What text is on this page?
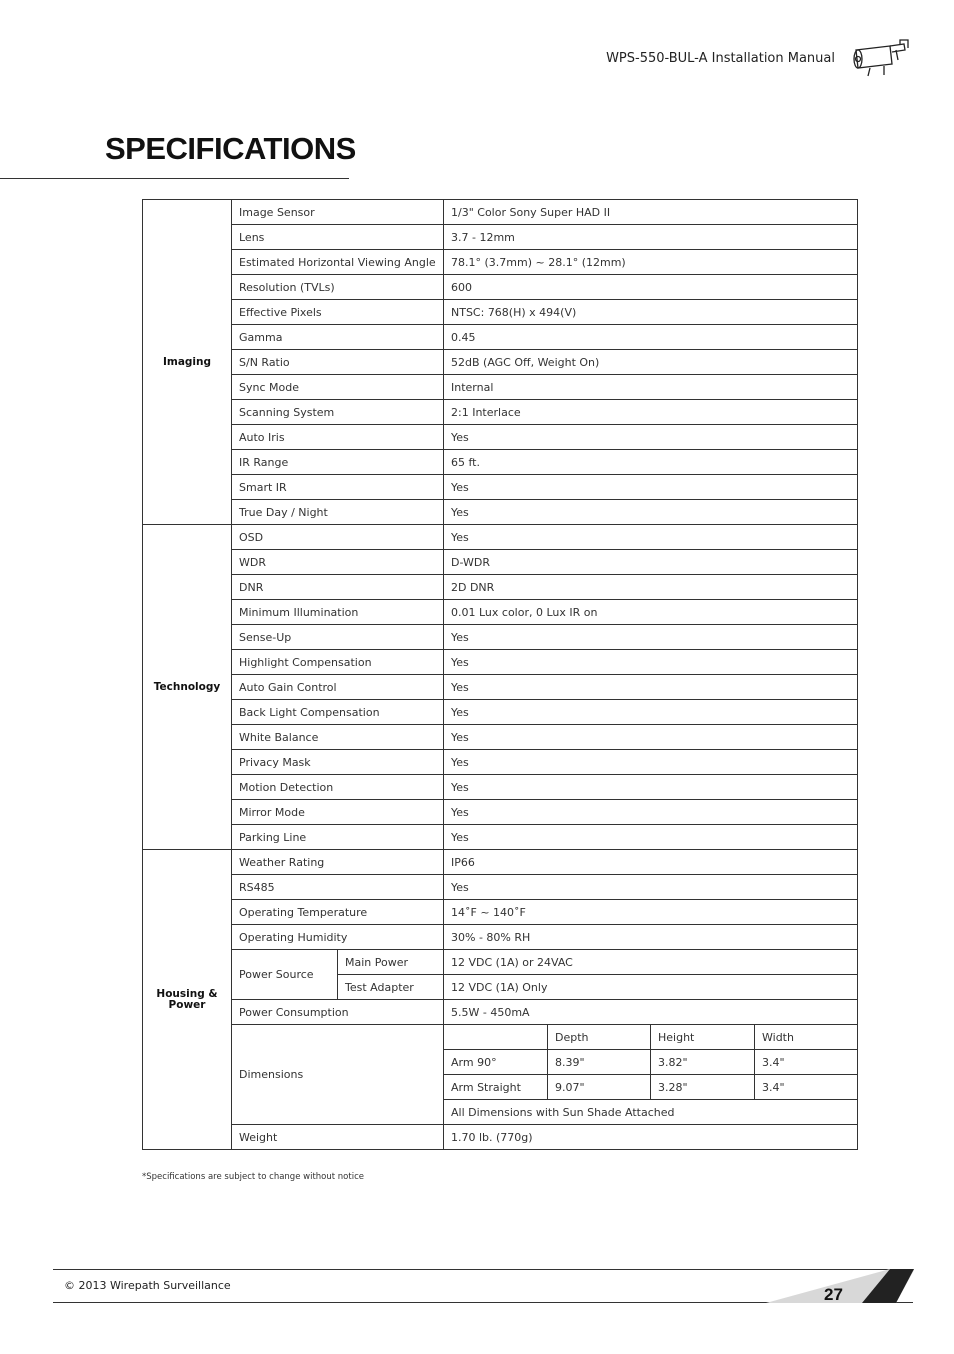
WPS-550-BUL-A Installation Manual
SPECIFICATIONS
Imaging	Image Sensor		1/3" Color Sony Super HAD II			
	Lens		3.7 - 12mm			
	Estimated Horizontal Viewing Angle		78.1° (3.7mm) ~ 28.1° (12mm)			
	Resolution (TVLs)		600			
	Effective Pixels		NTSC: 768(H) x 494(V)			
	Gamma		0.45			
	S/N Ratio		52dB (AGC Off, Weight On)			
	Sync Mode		Internal			
	Scanning System		2:1 Interlace			
	Auto Iris		Yes			
	IR Range		65 ft.			
	Smart IR		Yes			
	True Day / Night		Yes			
Technology	OSD		Yes			
	WDR		D-WDR			
	DNR		2D DNR			
	Minimum Illumination		0.01 Lux color, 0 Lux IR on			
	Sense-Up		Yes			
	Highlight Compensation		Yes			
	Auto Gain Control		Yes			
	Back Light Compensation		Yes			
	White Balance		Yes			
	Privacy Mask		Yes			
	Motion Detection		Yes			
	Mirror Mode		Yes			
	Parking Line		Yes			
Housing & Power	Weather Rating		IP66			
	RS485		Yes			
	Operating Temperature		14˚F ~ 140˚F			
	Operating Humidity		30% - 80% RH			
	Power Source	Main Power	12 VDC (1A) or 24VAC			
		Test Adapter	12 VDC (1A) Only			
	Power Consumption		5.5W - 450mA			
	Dimensions			Depth	Height	Width
			Arm 90°	8.39"	3.82"	3.4"
			Arm Straight	9.07"	3.28"	3.4"
			All Dimensions with Sun Shade Attached			
	Weight		1.70 lb. (770g)			
*Specifications are subject to change without notice
© 2013 Wirepath Surveillance	27
